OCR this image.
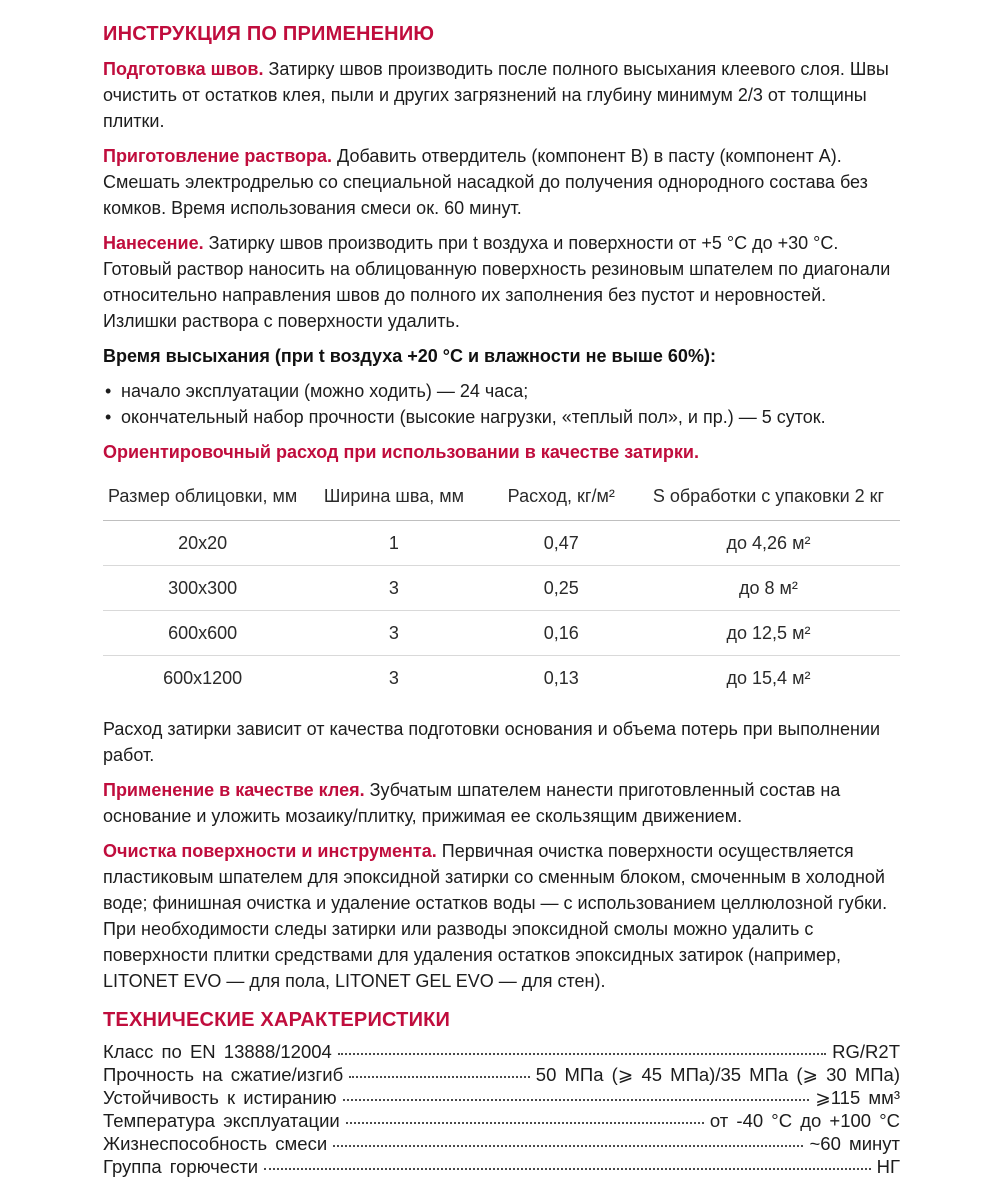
ИНСТРУКЦИЯ ПО ПРИМЕНЕНИЮ

Подготовка швов. Затирку швов производить после полного высыхания клеевого слоя. Швы очистить от остатков клея, пыли и других загрязнений на глубину минимум 2/3 от толщины плитки.

Приготовление раствора. Добавить отвердитель (компонент В) в пасту (компонент А). Смешать электродрелью со специальной насадкой до получения однородного состава без комков. Время использования смеси ок. 60 минут.

Нанесение. Затирку швов производить при t воздуха и поверхности от +5 °С до +30 °С. Готовый раствор наносить на облицованную поверхность резиновым шпателем по диагонали относительно направления швов до полного их заполнения без пустот и неровностей. Излишки раствора с поверхности удалить.

Время высыхания (при t воздуха +20 °С и влажности не выше 60%):

• начало эксплуатации (можно ходить) — 24 часа;
• окончательный набор прочности (высокие нагрузки, «теплый пол», и пр.) — 5 суток.

Ориентировочный расход при использовании в качестве затирки.

Размер облицовки, мм	Ширина шва, мм	Расход, кг/м²	S обработки с упаковки 2 кг
20x20	1	0,47	до 4,26 м²
300x300	3	0,25	до 8 м²
600x600	3	0,16	до 12,5 м²
600x1200	3	0,13	до 15,4 м²

Расход затирки зависит от качества подготовки основания и объема потерь при выполнении работ.

Применение в качестве клея. Зубчатым шпателем нанести приготовленный состав на основание и уложить мозаику/плитку, прижимая ее скользящим движением.

Очистка поверхности и инструмента. Первичная очистка поверхности осуществляется пластиковым шпателем для эпоксидной затирки со сменным блоком, смоченным в холодной воде; финишная очистка и удаление остатков воды — с использованием целлюлозной губки. При необходимости следы затирки или разводы эпоксидной смолы можно удалить с поверхности плитки средствами для удаления остатков эпоксидных затирок (например, LITONET EVO — для пола, LITONET GEL EVO — для стен).

ТЕХНИЧЕСКИЕ ХАРАКТЕРИСТИКИ
Класс по EN 13888/12004	RG/R2T
Прочность на сжатие/изгиб	50 МПа (⩾ 45 МПа)/35 МПа (⩾ 30 МПа)
Устойчивость к истиранию	⩾115 мм³
Температура эксплуатации	от -40 °С до +100 °С
Жизнеспособность смеси	~60 минут
Группа горючести	НГ
